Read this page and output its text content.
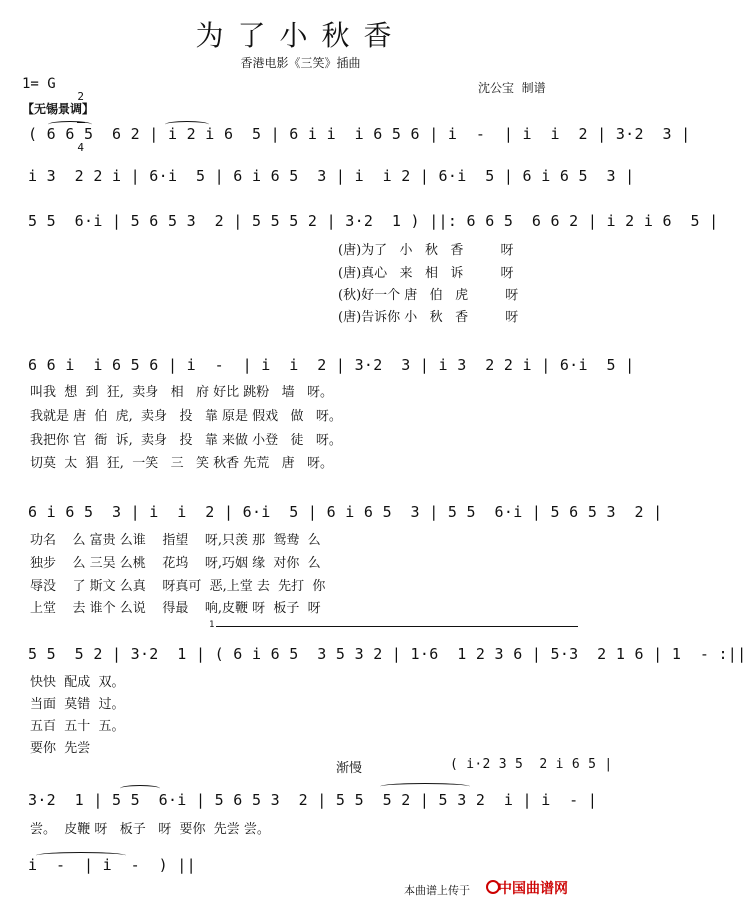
为了小秋香
香港电影《三笑》插曲
1= G

2

4

沈公宝  制谱
【无锡景调】
( 6 6 5  6 2 | i 2 i 6  5 | 6 i i  i 6 5 6 | i  -  | i  i  2 | 3·2  3 |
i 3  2 2 i | 6·i  5 | 6 i 6 5  3 | i  i 2 | 6·i  5 | 6 i 6 5  3 |
5 5  6·i | 5 6 5 3  2 | 5 5 5 2 | 3·2  1 ) ||: 6 6 5  6 6 2 | i 2 i 6  5 |
(唐)为了   小   秋   香         呀
(唐)真心   来   相   诉         呀
(秋)好一个 唐   伯   虎         呀
(唐)告诉你 小   秋   香         呀
6 6 i  i 6 5 6 | i  -  | i  i  2 | 3·2  3 | i 3  2 2 i | 6·i  5 |
叫我  想  到  狂,  卖身   相   府 好比 跳粉   墙   呀。
我就是 唐  伯  虎,  卖身   投   靠 原是 假戏   做   呀。
我把你 官  衙  诉,  卖身   投   靠 来做 小登   徒   呀。
切莫  太  猖  狂,  一笑   三   笑 秋香 先荒   唐   呀。
6 i 6 5  3 | i  i  2 | 6·i  5 | 6 i 6 5  3 | 5 5  6·i | 5 6 5 3  2 |
功名    么 富贵 么谁    指望    呀,只羡 那  鸳鸯  么
独步    么 三吴 么桃    花坞    呀,巧姻 缘  对你  么
辱没    了 斯文 么真    呀真可  恶,上堂 去  先打  你
上堂    去 谁个 么说    得最    响,皮鞭 呀  板子  呀
1
5 5  5 2 | 3·2  1 | ( 6 i 6 5  3 5 3 2 | 1·6  1 2 3 6 | 5·3  2 1 6 | 1  - :||
快快  配成  双。
当面  莫错  过。
五百  五十  五。
要你  先尝
渐慢	( i·2 3 5  2 i 6 5 |
3·2  1 | 5 5  6·i | 5 6 5 3  2 | 5 5  5 2 | 5 3 2  i | i  - |
尝。  皮鞭 呀   板子   呀  要你  先尝 尝。
i  -  | i  -  ) ||
本曲谱上传于 中国曲谱网
